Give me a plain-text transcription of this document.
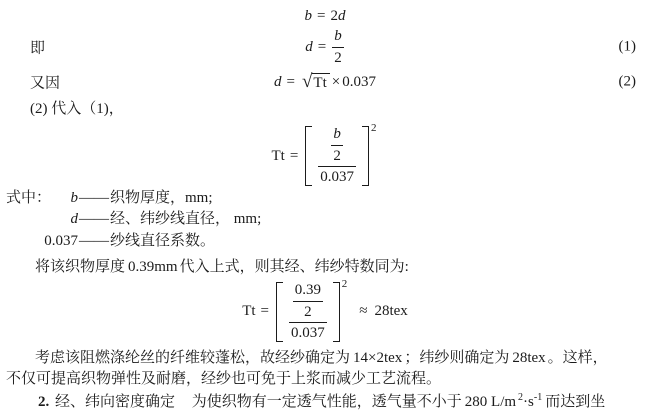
b = 2d
即	$d = \frac{b}{2}$	(1)
又因	d = √ Tt × 0.037	(2)
(2) 代入（1)，
$Tt = \frac{\frac{b}{2}}{0.037} 2$
式中： b —— 织物厚度，mm;
d —— 经、纬纱线直径， mm;
0.037 —— 纱线直径系数。
将该织物厚度 0.39mm 代入上式，则其经、纬纱特数同为:
$Tt = \frac{\frac{0.39}{2}}{0.037} 2$
≈ 28tex
考虑该阻燃涤纶丝的纤维较蓬松，故经纱确定为 14×2tex ；纬纱则确定为 28tex 。这样，
不仅可提高织物弹性及耐磨，经纱也可免于上浆而减少工艺流程。
2. 经、纬向密度确定 为使织物有一定透气性能，透气量不小于 280 L/m $^2\cdot s^{-1}$ 而达到坐
